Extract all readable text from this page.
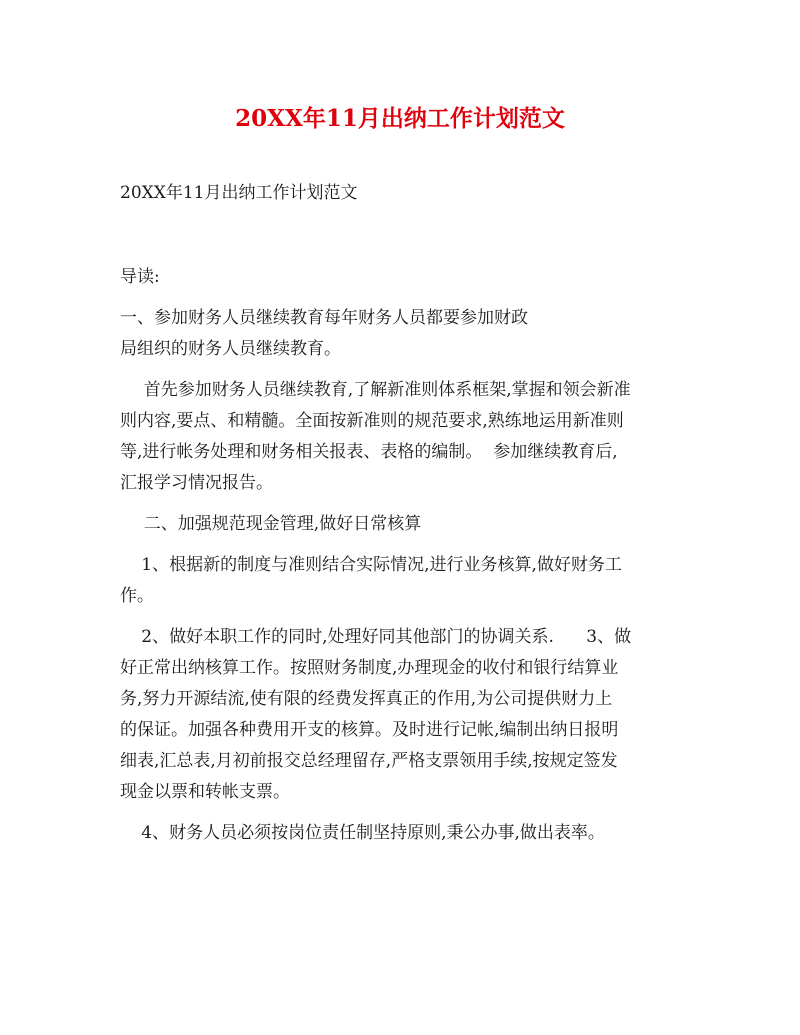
20XX年11月出纳工作计划范文

20XX年11月出纳工作计划范文

导读:

一、参加财务人员继续教育每年财务人员都要参加财政

局组织的财务人员继续教育。

首先参加财务人员继续教育,了解新准则体系框架,掌握和领会新准

则内容,要点、和精髓。全面按新准则的规范要求,熟练地运用新准则

等,进行帐务处理和财务相关报表、表格的编制。  参加继续教育后,

汇报学习情况报告。

二、加强规范现金管理,做好日常核算

1、根据新的制度与准则结合实际情况,进行业务核算,做好财务工

作。

2、做好本职工作的同时,处理好同其他部门的协调关系.      3、做

好正常出纳核算工作。按照财务制度,办理现金的收付和银行结算业

务,努力开源结流,使有限的经费发挥真正的作用,为公司提供财力上

的保证。加强各种费用开支的核算。及时进行记帐,编制出纳日报明

细表,汇总表,月初前报交总经理留存,严格支票领用手续,按规定签发

现金以票和转帐支票。

4、财务人员必须按岗位责任制坚持原则,秉公办事,做出表率。
